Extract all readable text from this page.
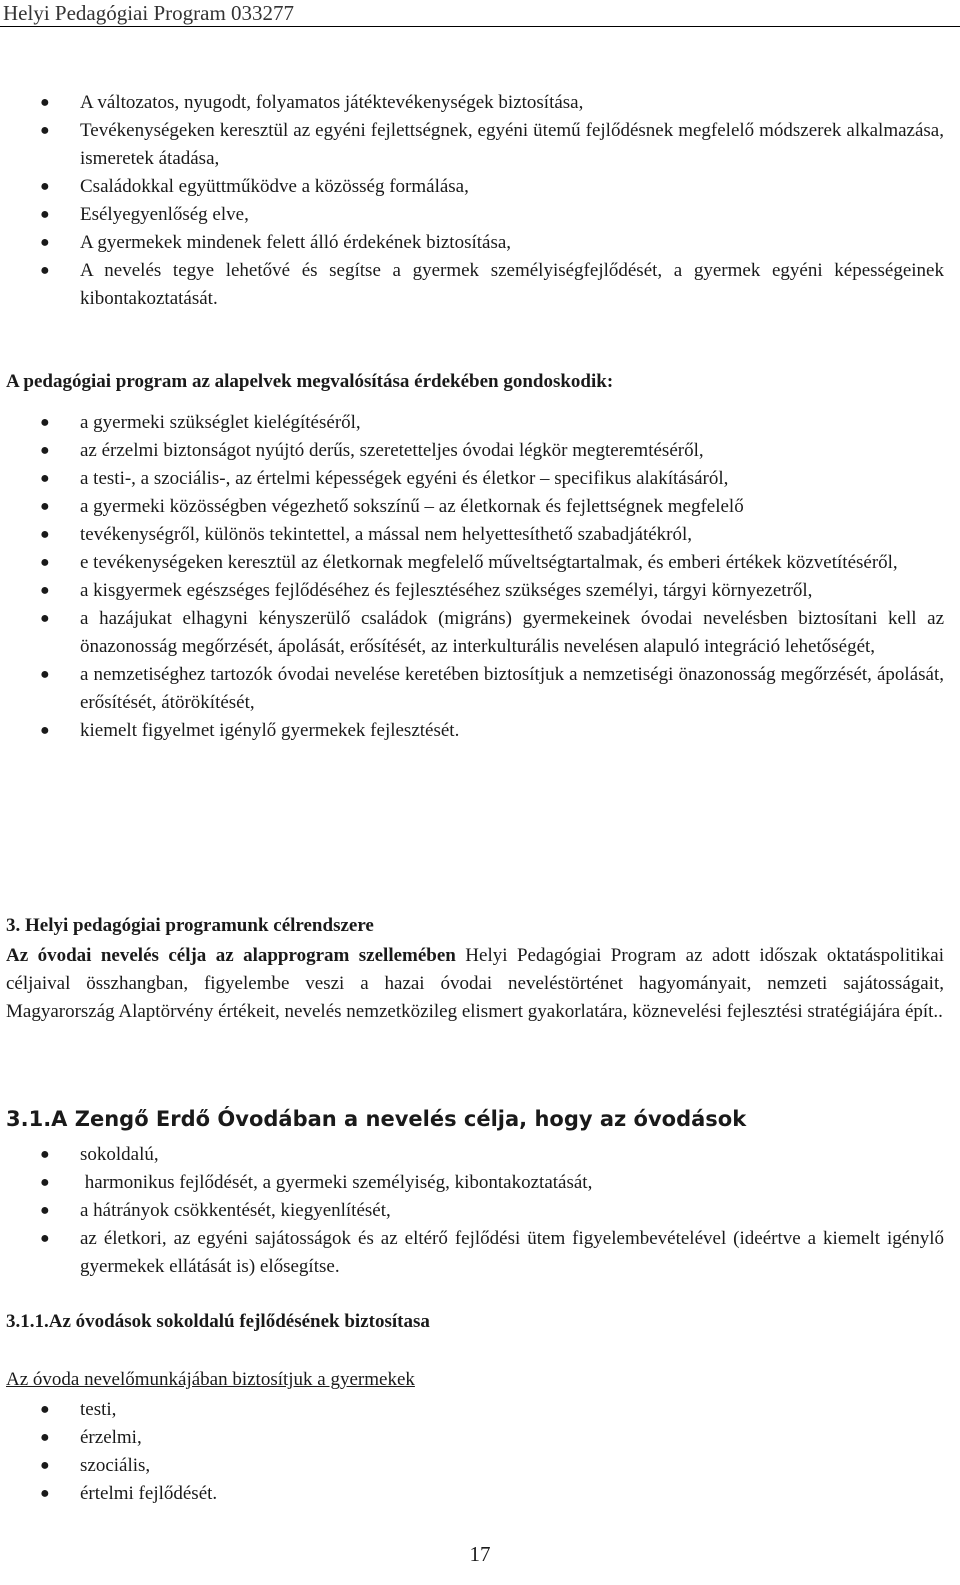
Helyi Pedagógiai Program 033277
●	A változatos, nyugodt, folyamatos játéktevékenységek biztosítása,
●	Tevékenységeken keresztül az egyéni fejlettségnek, egyéni ütemű fejlődésnek megfelelő módszerek alkalmazása, ismeretek átadása,
●	Családokkal együttműködve a közösség formálása,
●	Esélyegyenlőség elve,
●	A gyermekek mindenek felett álló érdekének biztosítása,
●	A nevelés tegye lehetővé és segítse a gyermek személyiségfejlődését, a gyermek egyéni képességeinek kibontakoztatását.
A pedagógiai program az alapelvek megvalósítása érdekében gondoskodik:
●	a gyermeki szükséglet kielégítéséről,
●	az érzelmi biztonságot nyújtó derűs, szeretetteljes óvodai légkör megteremtéséről,
●	a testi-, a szociális-, az értelmi képességek egyéni és életkor – specifikus alakításáról,
●	a gyermeki közösségben végezhető sokszínű – az életkornak és fejlettségnek megfelelő
●	tevékenységről, különös tekintettel, a mással nem helyettesíthető szabadjátékról,
●	e tevékenységeken keresztül az életkornak megfelelő műveltségtartalmak, és emberi értékek közvetítéséről,
●	a kisgyermek egészséges fejlődéséhez és fejlesztéséhez szükséges személyi, tárgyi környezetről,
●	a hazájukat elhagyni kényszerülő családok (migráns) gyermekeinek óvodai nevelésben biztosítani kell az önazonosság megőrzését, ápolását, erősítését, az interkulturális nevelésen alapuló integráció lehetőségét,
●	a nemzetiséghez tartozók óvodai nevelése keretében biztosítjuk a nemzetiségi önazonosság megőrzését, ápolását, erősítését, átörökítését,
●	kiemelt figyelmet igénylő gyermekek fejlesztését.
3. Helyi pedagógiai programunk célrendszere

Az óvodai nevelés célja az alapprogram szellemében Helyi Pedagógiai Program az adott időszak oktatáspolitikai céljaival összhangban, figyelembe veszi a hazai óvodai neveléstörténet hagyományait, nemzeti sajátosságait, Magyarország Alaptörvény értékeit, nevelés nemzetközileg elismert gyakorlatára, köznevelési fejlesztési stratégiájára épít..

3.1.A Zengő Erdő Óvodában a nevelés célja, hogy az óvodások
●	sokoldalú,
●	harmonikus fejlődését, a gyermeki személyiség, kibontakoztatását,
●	a hátrányok csökkentését, kiegyenlítését,
●	az életkori, az egyéni sajátosságok és az eltérő fejlődési ütem figyelembevételével (ideértve a kiemelt igénylő gyermekek ellátását is) elősegítse.
3.1.1.Az óvodások sokoldalú fejlődésének biztosítasa
Az óvoda nevelőmunkájában biztosítjuk a gyermekek
●	testi,
●	érzelmi,
●	szociális,
●	értelmi fejlődését.
17
